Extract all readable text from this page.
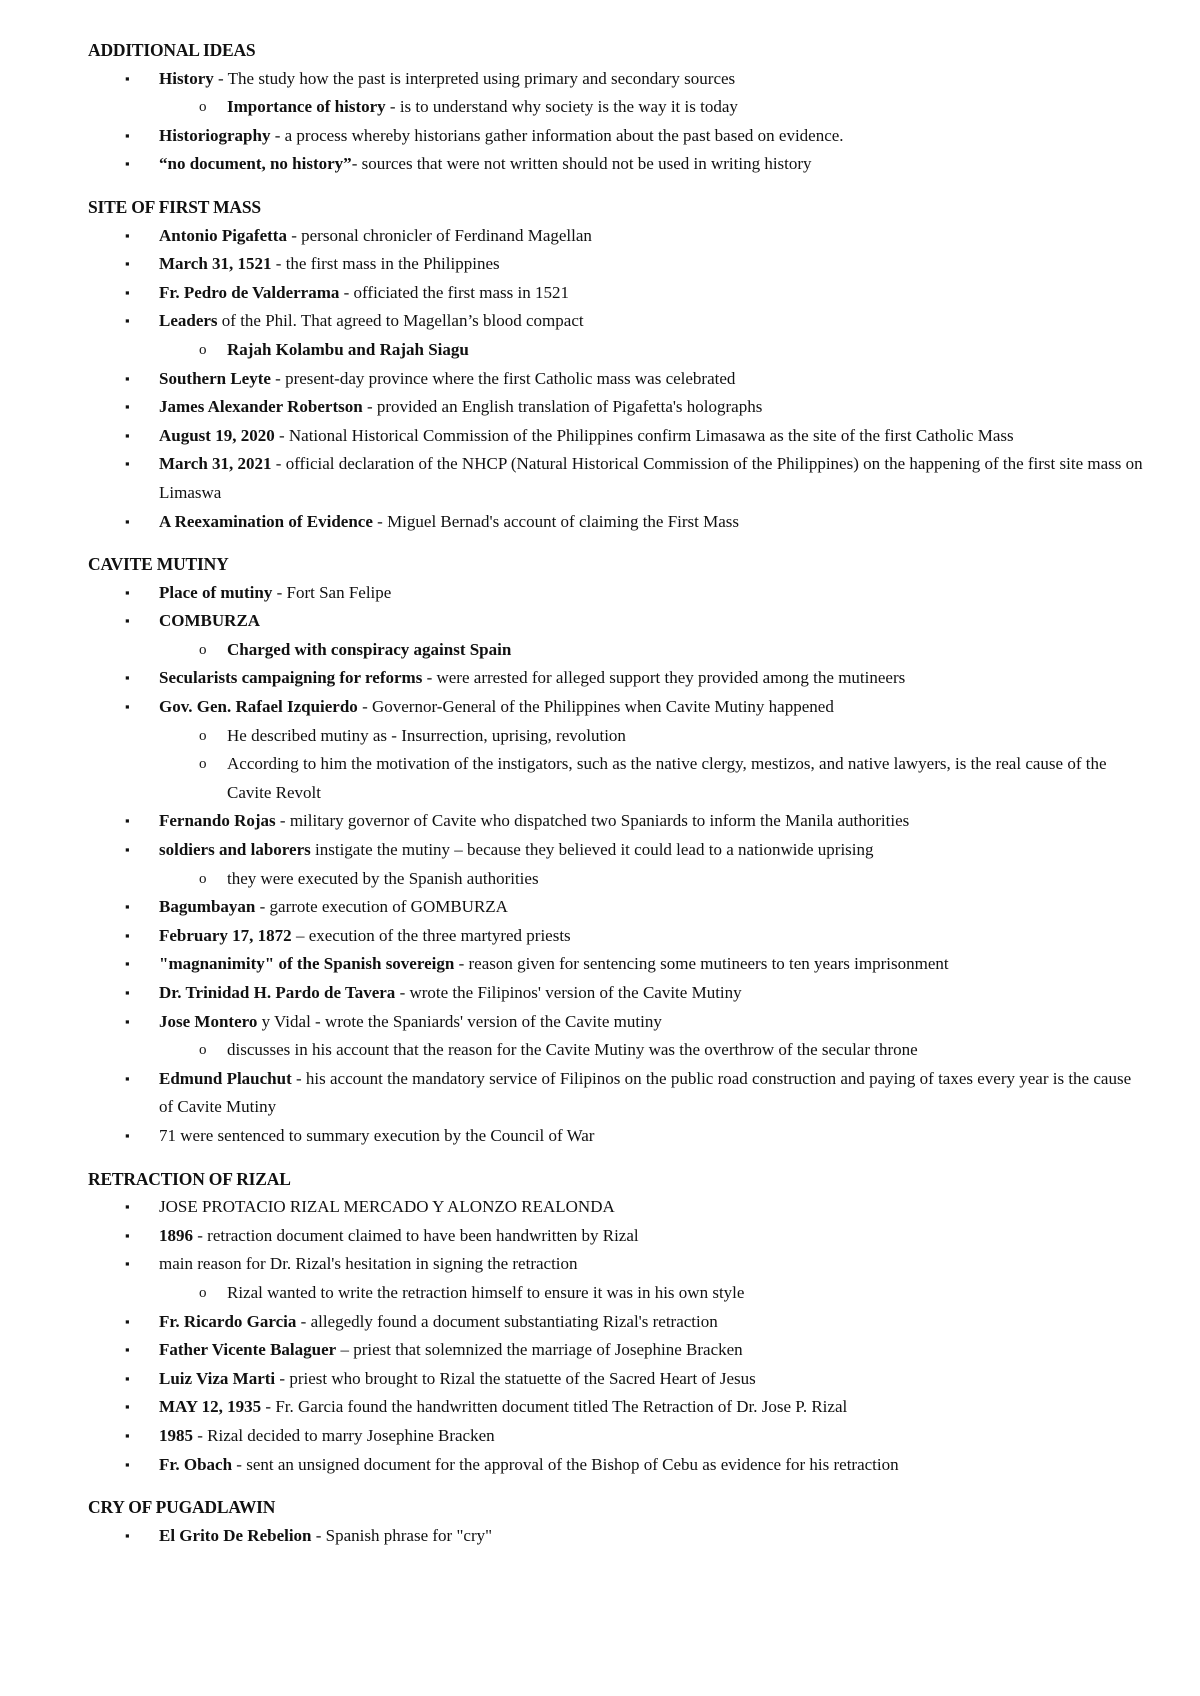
ADDITIONAL IDEAS
▪ History - The study how the past is interpreted using primary and secondary sources
o Importance of history - is to understand why society is the way it is today
▪ Historiography - a process whereby historians gather information about the past based on evidence.
▪ “no document, no history”- sources that were not written should not be used in writing history
SITE OF FIRST MASS
▪ Antonio Pigafetta - personal chronicler of Ferdinand Magellan
▪ March 31, 1521 - the first mass in the Philippines
▪ Fr. Pedro de Valderrama - officiated the first mass in 1521
▪ Leaders of the Phil. That agreed to Magellan’s blood compact
o Rajah Kolambu and Rajah Siagu
▪ Southern Leyte - present-day province where the first Catholic mass was celebrated
▪ James Alexander Robertson - provided an English translation of Pigafetta's holographs
▪ August 19, 2020 - National Historical Commission of the Philippines confirm Limasawa as the site of the first Catholic Mass
▪ March 31, 2021 - official declaration of the NHCP (Natural Historical Commission of the Philippines) on the happening of the first site mass on Limaswa
▪ A Reexamination of Evidence - Miguel Bernad's account of claiming the First Mass
CAVITE MUTINY
▪ Place of mutiny - Fort San Felipe
▪ COMBURZA
o Charged with conspiracy against Spain
▪ Secularists campaigning for reforms - were arrested for alleged support they provided among the mutineers
▪ Gov. Gen. Rafael Izquierdo - Governor-General of the Philippines when Cavite Mutiny happened
o He described mutiny as - Insurrection, uprising, revolution
o According to him the motivation of the instigators, such as the native clergy, mestizos, and native lawyers, is the real cause of the Cavite Revolt
▪ Fernando Rojas - military governor of Cavite who dispatched two Spaniards to inform the Manila authorities
▪ soldiers and laborers instigate the mutiny – because they believed it could lead to a nationwide uprising
o they were executed by the Spanish authorities
▪ Bagumbayan - garrote execution of GOMBURZA
▪ February 17, 1872 – execution of the three martyred priests
▪ "magnanimity" of the Spanish sovereign - reason given for sentencing some mutineers to ten years imprisonment
▪ Dr. Trinidad H. Pardo de Tavera - wrote the Filipinos' version of the Cavite Mutiny
▪ Jose Montero y Vidal - wrote the Spaniards' version of the Cavite mutiny
o discusses in his account that the reason for the Cavite Mutiny was the overthrow of the secular throne
▪ Edmund Plauchut - his account the mandatory service of Filipinos on the public road construction and paying of taxes every year is the cause of Cavite Mutiny
▪ 71 were sentenced to summary execution by the Council of War
RETRACTION OF RIZAL
▪ JOSE PROTACIO RIZAL MERCADO Y ALONZO REALONDA
▪ 1896 - retraction document claimed to have been handwritten by Rizal
▪ main reason for Dr. Rizal's hesitation in signing the retraction
o Rizal wanted to write the retraction himself to ensure it was in his own style
▪ Fr. Ricardo Garcia - allegedly found a document substantiating Rizal's retraction
▪ Father Vicente Balaguer – priest that solemnized the marriage of Josephine Bracken
▪ Luiz Viza Marti - priest who brought to Rizal the statuette of the Sacred Heart of Jesus
▪ MAY 12, 1935 - Fr. Garcia found the handwritten document titled The Retraction of Dr. Jose P. Rizal
▪ 1985 - Rizal decided to marry Josephine Bracken
▪ Fr. Obach - sent an unsigned document for the approval of the Bishop of Cebu as evidence for his retraction
CRY OF PUGADLAWIN
▪ El Grito De Rebelion - Spanish phrase for "cry"
